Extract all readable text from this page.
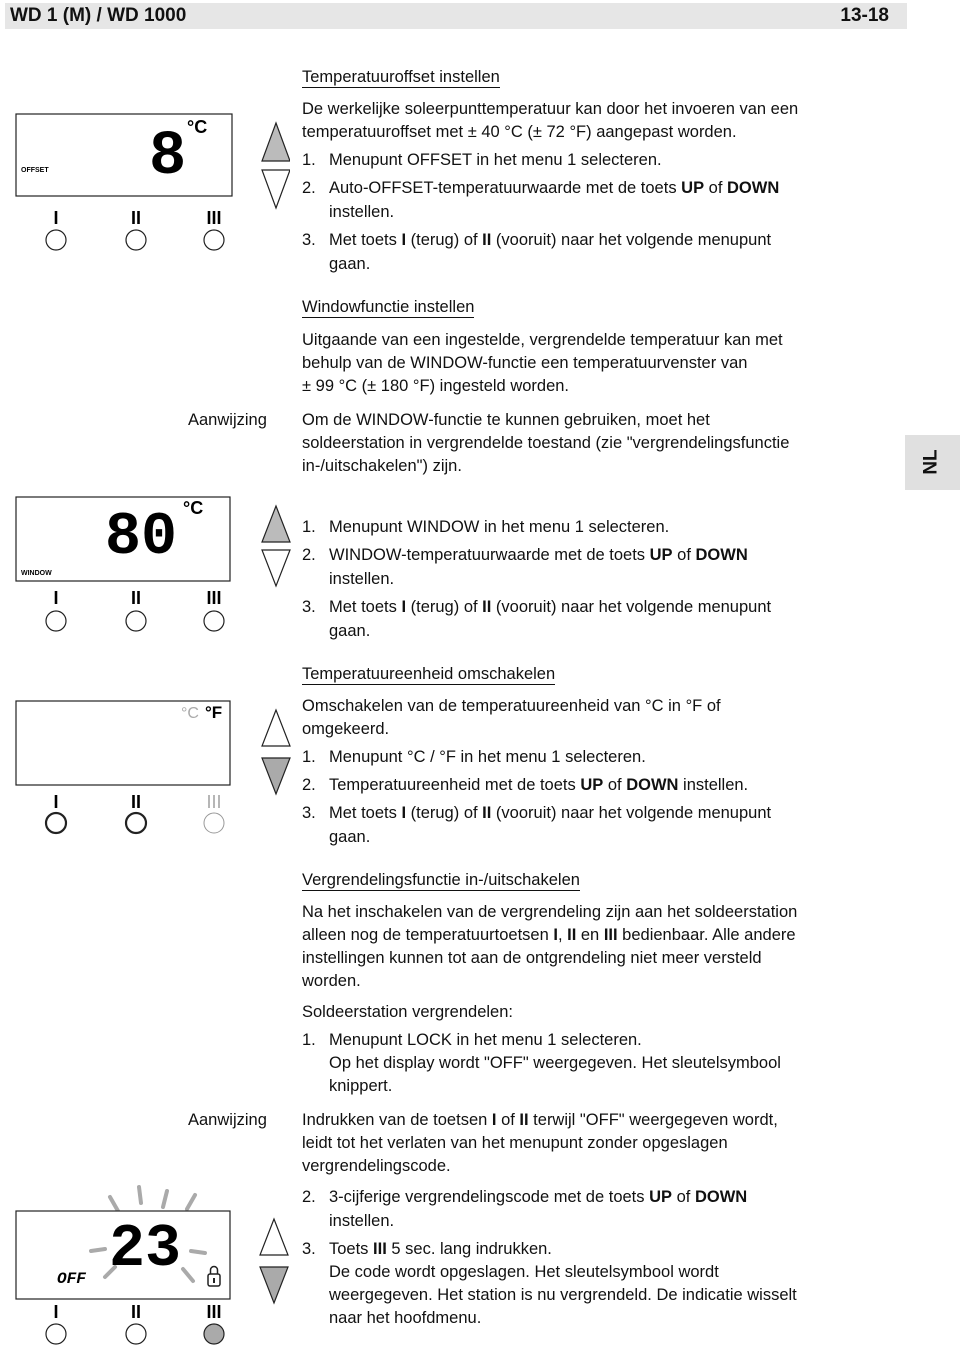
WD 1 (M) / WD 1000	13-18
NL
Temperatuuroffset instellen
De werkelijke soleerpunttemperatuur kan door het invoeren van een
temperatuuroffset met ± 40 °C (± 72 °F) aangepast worden.
1. Menupunt OFFSET in het menu 1 selecteren.
2. Auto-OFFSET-temperatuurwaarde met de toets UP of DOWN
instellen.
3. Met toets I (terug) of II (vooruit) naar het volgende menupunt
gaan.
8 °C
OFFSET
I	II	III
Windowfunctie instellen
Uitgaande van een ingestelde, vergrendelde temperatuur kan met
behulp van de WINDOW-functie een temperatuurvenster van
± 99 °C (± 180 °F) ingesteld worden.
Aanwijzing Om de WINDOW-functie te kunnen gebruiken, moet het
soldeerstation in vergrendelde toestand (zie "vergrendelingsfunctie
in-/uitschakelen") zijn.
1. Menupunt WINDOW in het menu 1 selecteren.
2. WINDOW-temperatuurwaarde met de toets UP of DOWN
instellen.
3. Met toets I (terug) of II (vooruit) naar het volgende menupunt
gaan.
80 °C
WINDOW
I	II	III
Temperatuureenheid omschakelen
Omschakelen van de temperatuureenheid van °C in °F of
omgekeerd.
1. Menupunt °C / °F in het menu 1 selecteren.
2. Temperatuureenheid met de toets UP of DOWN instellen.
3. Met toets I (terug) of II (vooruit) naar het volgende menupunt
gaan.
°C °F
I	II	III
Vergrendelingsfunctie in-/uitschakelen
Na het inschakelen van de vergrendeling zijn aan het soldeerstation
alleen nog de temperatuurtoetsen I, II en III bedienbaar. Alle andere
instellingen kunnen tot aan de ontgrendeling niet meer versteld
worden.
Soldeerstation vergrendelen:
1. Menupunt LOCK in het menu 1 selecteren.
Op het display wordt "OFF" weergegeven. Het sleutelsymbool
knippert.
Aanwijzing Indrukken van de toetsen I of II terwijl "OFF" weergegeven wordt,
leidt tot het verlaten van het menupunt zonder opgeslagen
vergrendelingscode.
2. 3-cijferige vergrendelingscode met de toets UP of DOWN
instellen.
3. Toets III 5 sec. lang indrukken.
De code wordt opgeslagen. Het sleutelsymbool wordt
weergegeven. Het station is nu vergrendeld. De indicatie wisselt
naar het hoofdmenu.
23
OFF
I	II	III
